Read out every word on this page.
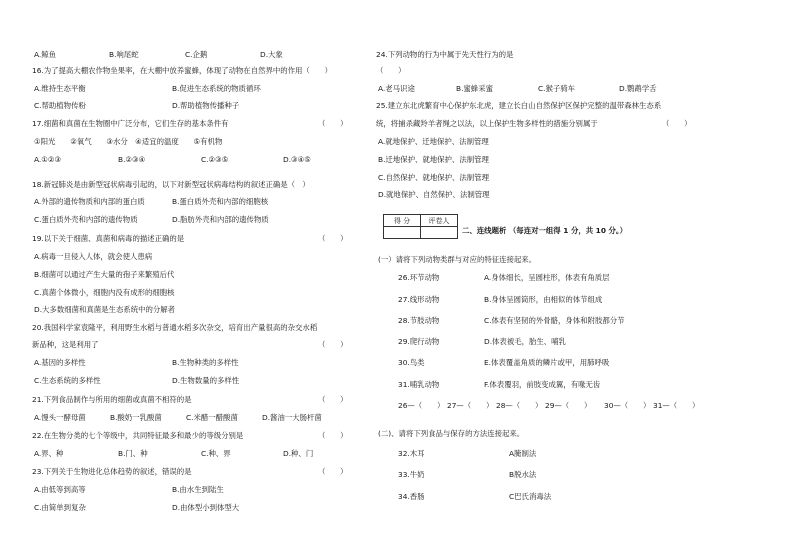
A.鲸鱼	B.响尾蛇	C.企鹅	D.大象
16.为了提高大棚农作物坐果率，在大棚中放养蜜蜂，体现了动物在自然界中的作用（　　）
A.维持生态平衡	B.促进生态系统的物质循环
C.帮助植物传粉	D.帮助植物传播种子
17.细菌和真菌在生物圈中广泛分布，它们生存的基本条件有	（　　）
①阳光　　②氧气　　③水分　④适宜的温度　　⑤有机物
A.①②③	B.②③④	C.②③⑤	D.③④⑤
18.新冠肺炎是由新型冠状病毒引起的，以下对新型冠状病毒结构的叙述正确是（　）
A.外部的遗传物质和内部的蛋白质	B.蛋白质外壳和内部的细胞核
C.蛋白质外壳和内部的遗传物质	D.脂肪外壳和内部的遗传物质
19.以下关于细菌、真菌和病毒的描述正确的是	（　　）
A.病毒一旦侵入人体，就会使人患病
B.细菌可以通过产生大量的孢子来繁殖后代
C.真菌个体微小，细胞内没有成形的细胞核
D.大多数细菌和真菌是生态系统中的分解者
20.我国科学家袁隆平，利用野生水稻与普通水稻多次杂交，培育出产量很高的杂交水稻
新品种，这是利用了	（　　）
A.基因的多样性	B.生物种类的多样性
C.生态系统的多样性	D.生物数量的多样性
21.下列食品制作与所用的细菌或真菌不相符的是	（　　）
A.馒头一酵母菌	B.酸奶一乳酸菌	C.米醋一醋酸菌	D.酱油一大肠杆菌
22.在生物分类的七个等级中，共同特征最多和最少的等级分别是	（　　）
A.界、种	B.门、种	C.种、界	D.种、门
23.下列关于生物进化总体趋势的叙述，错误的是	（　　）
A.由低等到高等	B.由水生到陆生
C.由简单到复杂	D.由体型小到体型大
24.下列动物的行为中属于先天性行为的是
（　　）
A.老马识途	B.蜜蜂采蜜	C.猴子骑车	D.鹦鹉学舌
25.建立东北虎繁育中心保护东北虎，建立长白山自然保护区保护完整的温带森林生态系
统，将捕杀藏羚羊者绳之以法，以上保护生物多样性的措施分别属于	（　　）
A.就地保护、迁地保护、法制管理
B.迁地保护、就地保护、法制管理
C.自然保护、就地保护、法制管理
D.就地保护、自然保护、法制管理
得 分	评卷人

二、连线题析 （每连对一组得 1 分，共 10 分。）
(一）请将下列动物类群与对应的特征连接起来。
26.环节动物	A.身体细长，呈圆柱形，体表有角质层
27.线形动物	B.身体呈圆筒形，由相似的体节组成
28.节肢动物	C.体表有坚韧的外骨骼，身体和附肢都分节
29.爬行动物	D.体表被毛，胎生、哺乳
30.鸟类	E.体表覆盖角质的鳞片或甲，用肺呼吸
31.哺乳动物	F.体表覆羽，前肢变成翼，有喙无齿
26—（　　） 27—（　　） 28—（　　） 29—（　　） 30—（　　） 31—（　　）
(二)、请将下列食品与保存的方法连接起来。
32.木耳	A腌制法
33.牛奶	B脱水法
34.香肠	C巴氏消毒法
